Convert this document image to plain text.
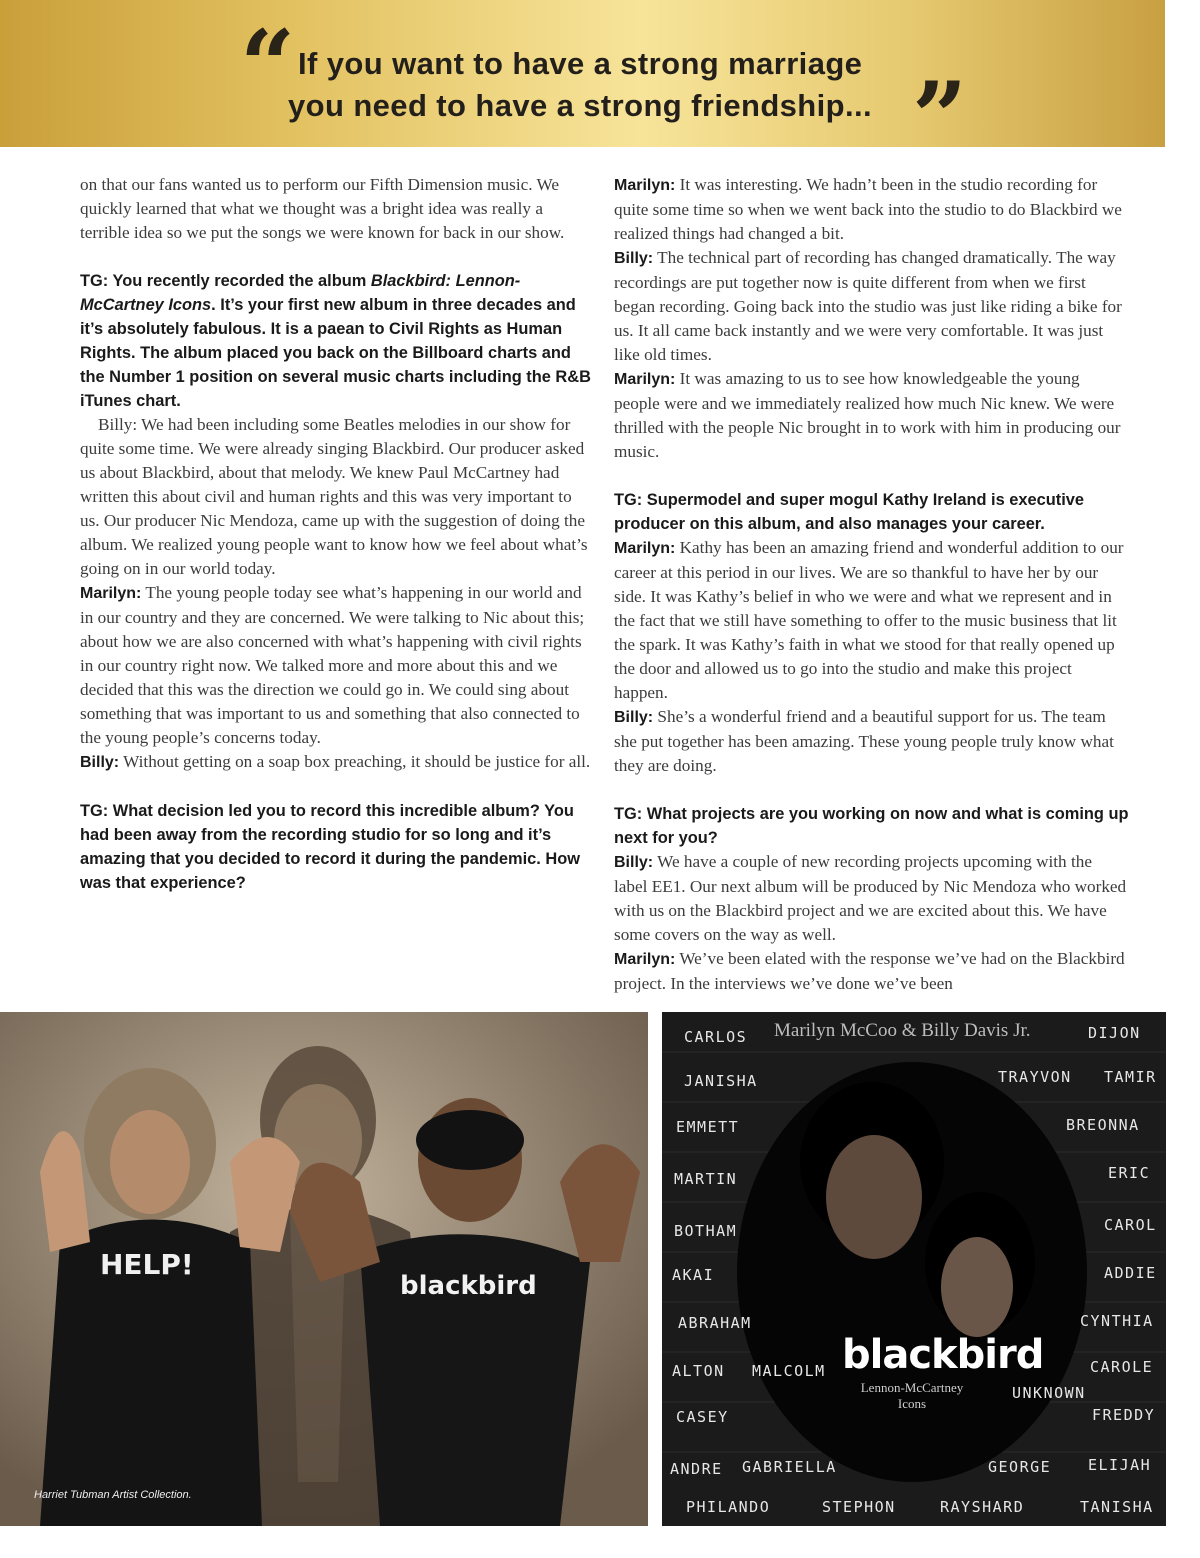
“ If you want to have a strong marriage
you need to have a strong friendship... ”

on that our fans wanted us to perform our Fifth Dimension music. We quickly learned that what we thought was a bright idea was really a terrible idea so we put the songs we were known for back in our show.

TG: You recently recorded the album Blackbird: Lennon-McCartney Icons. It’s your first new album in three decades and it’s absolutely fabulous. It is a paean to Civil Rights as Human Rights. The album placed you back on the Billboard charts and the Number 1 position on several music charts including the R&B iTunes chart.

Billy: We had been including some Beatles melodies in our show for quite some time. We were already singing Blackbird. Our producer asked us about Blackbird, about that melody. We knew Paul McCartney had written this about civil and human rights and this was very important to us. Our producer Nic Mendoza, came up with the suggestion of doing the album. We realized young people want to know how we feel about what’s going on in our world today.

Marilyn: The young people today see what’s happening in our world and in our country and they are concerned. We were talking to Nic about this; about how we are also concerned with what’s happening with civil rights in our country right now. We talked more and more about this and we decided that this was the direction we could go in. We could sing about something that was important to us and something that also connected to the young people’s concerns today.

Billy: Without getting on a soap box preaching, it should be justice for all.

TG: What decision led you to record this incredible album? You had been away from the recording studio for so long and it’s amazing that you decided to record it during the pandemic. How was that experience?

Marilyn: It was interesting. We hadn’t been in the studio recording for quite some time so when we went back into the studio to do Blackbird we realized things had changed a bit.

Billy: The technical part of recording has changed dramatically. The way recordings are put together now is quite different from when we first began recording. Going back into the studio was just like riding a bike for us. It all came back instantly and we were very comfortable. It was just like old times.

Marilyn: It was amazing to us to see how knowledgeable the young people were and we immediately realized how much Nic knew. We were thrilled with the people Nic brought in to work with him in producing our music.

TG: Supermodel and super mogul Kathy Ireland is executive producer on this album, and also manages your career.

Marilyn: Kathy has been an amazing friend and wonderful addition to our career at this period in our lives. We are so thankful to have her by our side. It was Kathy’s belief in who we were and what we represent and in the fact that we still have something to offer to the music business that lit the spark. It was Kathy’s faith in what we stood for that really opened up the door and allowed us to go into the studio and make this project happen.

Billy: She’s a wonderful friend and a beautiful support for us. The team she put together has been amazing. These young people truly know what they are doing.

TG: What projects are you working on now and what is coming up next for you?

Billy: We have a couple of new recording projects upcoming with the label EE1. Our next album will be produced by Nic Mendoza who worked with us on the Blackbird project and we are excited about this. We have some covers on the way as well.

Marilyn: We’ve been elated with the response we’ve had on the Blackbird project. In the interviews we’ve done we’ve been

HELP!
blackbird
Harriet Tubman Artist Collection.
Marilyn McCoo & Billy Davis Jr.
CARLOS	DIJON
JANISHA	TRAYVON TAMIR
EMMETT	BREONNA
MARTIN	ERIC
BOTHAM	CAROL
AKAI	ADDIE
ABRAHAM	CYNTHIA
ALTON MALCOLM	CAROLE
UNKNOWN
CASEY	FREDDY
ANDRE GABRIELLA	GEORGE ELIJAH
PHILANDO	STEPHON	RAYSHARD	TANISHA
blackbird
Lennon-McCartney
Icons
